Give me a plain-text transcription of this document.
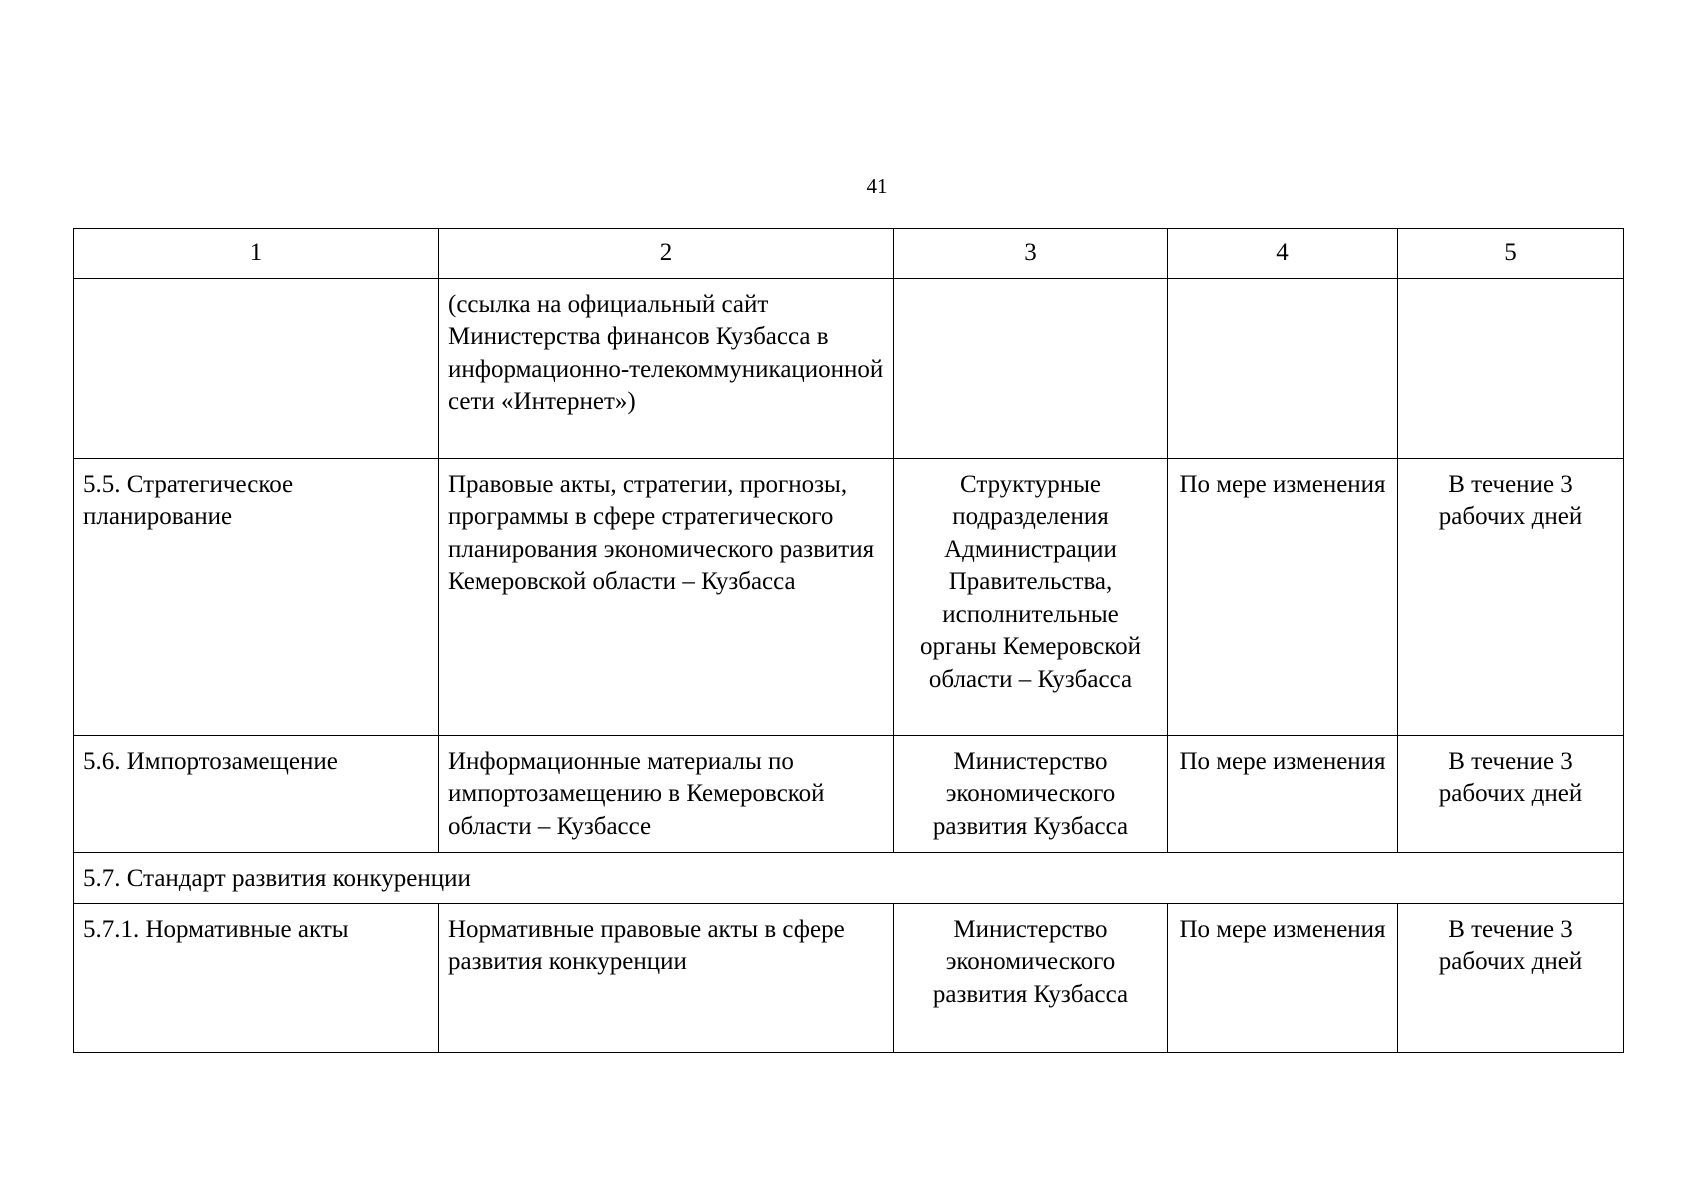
41
1	2	3	4	5
	(ссылка на официальный сайт Министерства финансов Кузбасса в информационно-телекоммуникационной сети «Интернет»)			
5.5. Стратегическое планирование	Правовые акты, стратегии, прогнозы, программы в сфере стратегического планирования экономического развития Кемеровской области – Кузбасса	Структурные подразделения Администрации Правительства, исполнительные органы Кемеровской области – Кузбасса	По мере изменения	В течение 3 рабочих дней
5.6. Импортозамещение	Информационные материалы по импортозамещению в Кемеровской области – Кузбассе	Министерство экономического развития Кузбасса	По мере изменения	В течение 3 рабочих дней
5.7. Стандарт развития конкуренции				
5.7.1. Нормативные акты	Нормативные правовые акты в сфере развития конкуренции	Министерство экономического развития Кузбасса	По мере изменения	В течение 3 рабочих дней
